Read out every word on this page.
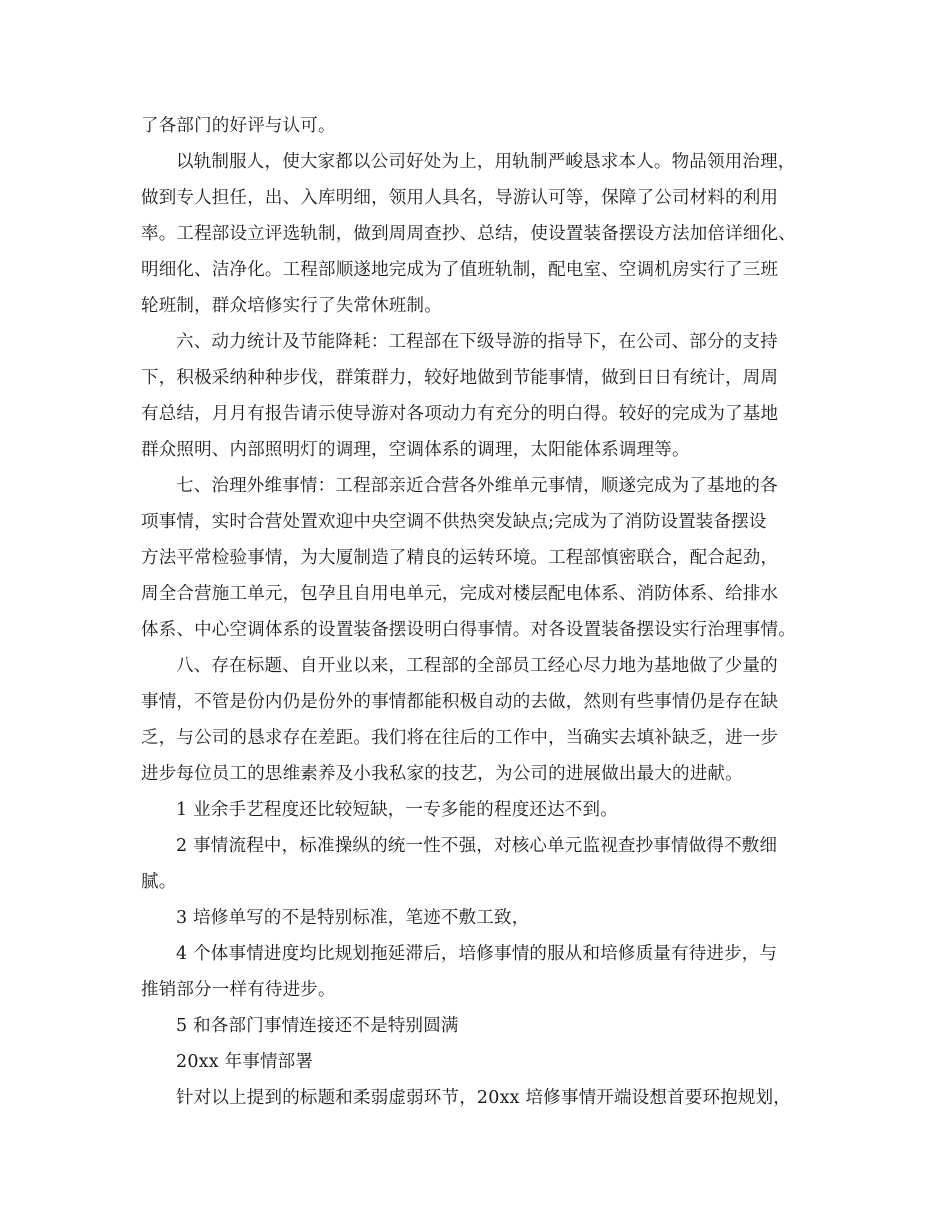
了各部门的好评与认可。
以轨制服人，使大家都以公司好处为上，用轨制严峻恳求本人。物品领用治理，
做到专人担任，出、入库明细，领用人具名，导游认可等，保障了公司材料的利用
率。工程部设立评选轨制，做到周周查抄、总结，使设置装备摆设方法加倍详细化、
明细化、洁净化。工程部顺遂地完成为了值班轨制，配电室、空调机房实行了三班
轮班制，群众培修实行了失常休班制。
六、动力统计及节能降耗：工程部在下级导游的指导下，在公司、部分的支持
下，积极采纳种种步伐，群策群力，较好地做到节能事情，做到日日有统计，周周
有总结，月月有报告请示使导游对各项动力有充分的明白得。较好的完成为了基地
群众照明、内部照明灯的调理，空调体系的调理，太阳能体系调理等。
七、治理外维事情：工程部亲近合营各外维单元事情，顺遂完成为了基地的各
项事情，实时合营处置欢迎中央空调不供热突发缺点;完成为了消防设置装备摆设
方法平常检验事情，为大厦制造了精良的运转环境。工程部慎密联合，配合起劲，
周全合营施工单元，包孕且自用电单元，完成对楼层配电体系、消防体系、给排水
体系、中心空调体系的设置装备摆设明白得事情。对各设置装备摆设实行治理事情。
八、存在标题、自开业以来，工程部的全部员工经心尽力地为基地做了少量的
事情，不管是份内仍是份外的事情都能积极自动的去做，然则有些事情仍是存在缺
乏，与公司的恳求存在差距。我们将在往后的工作中，当确实去填补缺乏，进一步
进步每位员工的思维素养及小我私家的技艺，为公司的进展做出最大的进献。
1 业余手艺程度还比较短缺，一专多能的程度还达不到。
2 事情流程中，标准操纵的统一性不强，对核心单元监视查抄事情做得不敷细
腻。
3 培修单写的不是特别标准，笔迹不敷工致，
4 个体事情进度均比规划拖延滞后，培修事情的服从和培修质量有待进步，与
推销部分一样有待进步。
5 和各部门事情连接还不是特别圆满
20xx 年事情部署
针对以上提到的标题和柔弱虚弱环节，20xx 培修事情开端设想首要环抱规划，
